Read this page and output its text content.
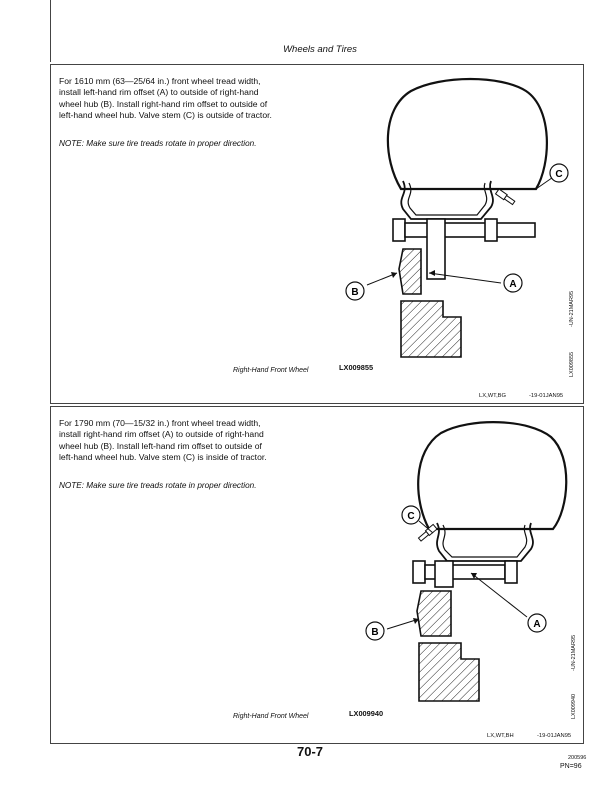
Wheels and Tires
For 1610 mm (63—25/64 in.) front wheel tread width,
install left-hand rim offset (A) to outside of right-hand
wheel hub (B). Install right-hand rim offset to outside of
left-hand wheel hub. Valve stem (C) is outside of tractor.
NOTE: Make sure tire treads rotate in proper direction.
A
B
C
Right-Hand Front Wheel	LX009855	LX009855
-UN-21MAR95
LX,WT,BG	-19-01JAN95
For 1790 mm (70—15/32 in.) front wheel tread width,
install right-hand rim offset (A) to outside of right-hand
wheel hub (B). Install left-hand rim offset to outside of
left-hand wheel hub. Valve stem (C) is inside of tractor.
NOTE: Make sure tire treads rotate in proper direction.
A
B
C
Right-Hand Front Wheel	LX009940	LX009940
-UN-21MAR95
LX,WT,BH	-19-01JAN95
70-7	200596
PN=96
